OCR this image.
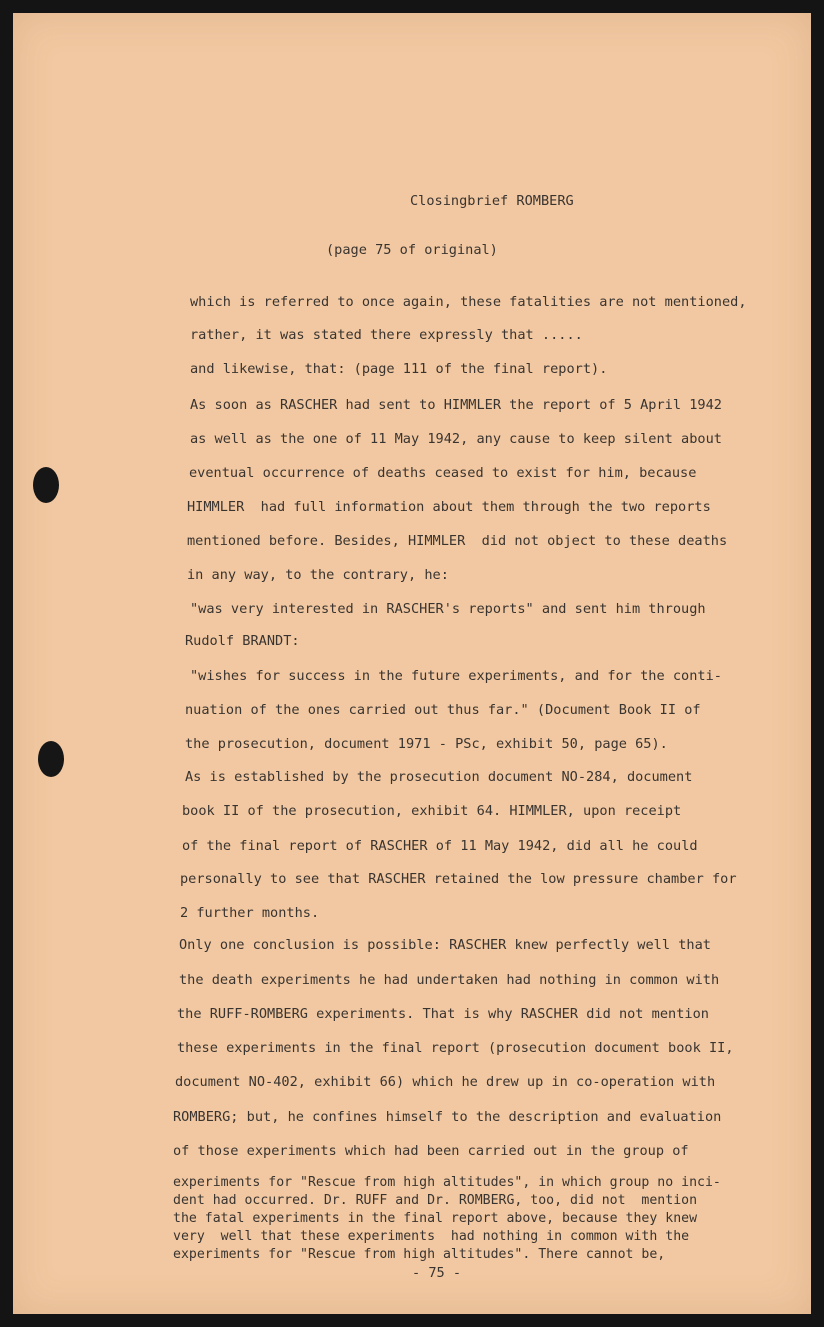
Closingbrief ROMBERG
(page 75 of original)
which is referred to once again, these fatalities are not mentioned,
rather, it was stated there expressly that .....
and likewise, that: (page 111 of the final report).
As soon as RASCHER had sent to HIMMLER the report of 5 April 1942
as well as the one of 11 May 1942, any cause to keep silent about
eventual occurrence of deaths ceased to exist for him, because
HIMMLER  had full information about them through the two reports
mentioned before. Besides, HIMMLER  did not object to these deaths
in any way, to the contrary, he:
"was very interested in RASCHER's reports" and sent him through
Rudolf BRANDT:
"wishes for success in the future experiments, and for the conti-
nuation of the ones carried out thus far." (Document Book II of
the prosecution, document 1971 - PSc, exhibit 50, page 65).
As is established by the prosecution document NO-284, document
book II of the prosecution, exhibit 64. HIMMLER, upon receipt
of the final report of RASCHER of 11 May 1942, did all he could
personally to see that RASCHER retained the low pressure chamber for
2 further months.
Only one conclusion is possible: RASCHER knew perfectly well that
the death experiments he had undertaken had nothing in common with
the RUFF-ROMBERG experiments. That is why RASCHER did not mention
these experiments in the final report (prosecution document book II,
document NO-402, exhibit 66) which he drew up in co-operation with
ROMBERG; but, he confines himself to the description and evaluation
of those experiments which had been carried out in the group of
experiments for "Rescue from high altitudes", in which group no inci-
dent had occurred. Dr. RUFF and Dr. ROMBERG, too, did not  mention
the fatal experiments in the final report above, because they knew
very  well that these experiments  had nothing in common with the
experiments for "Rescue from high altitudes". There cannot be,
- 75 -
